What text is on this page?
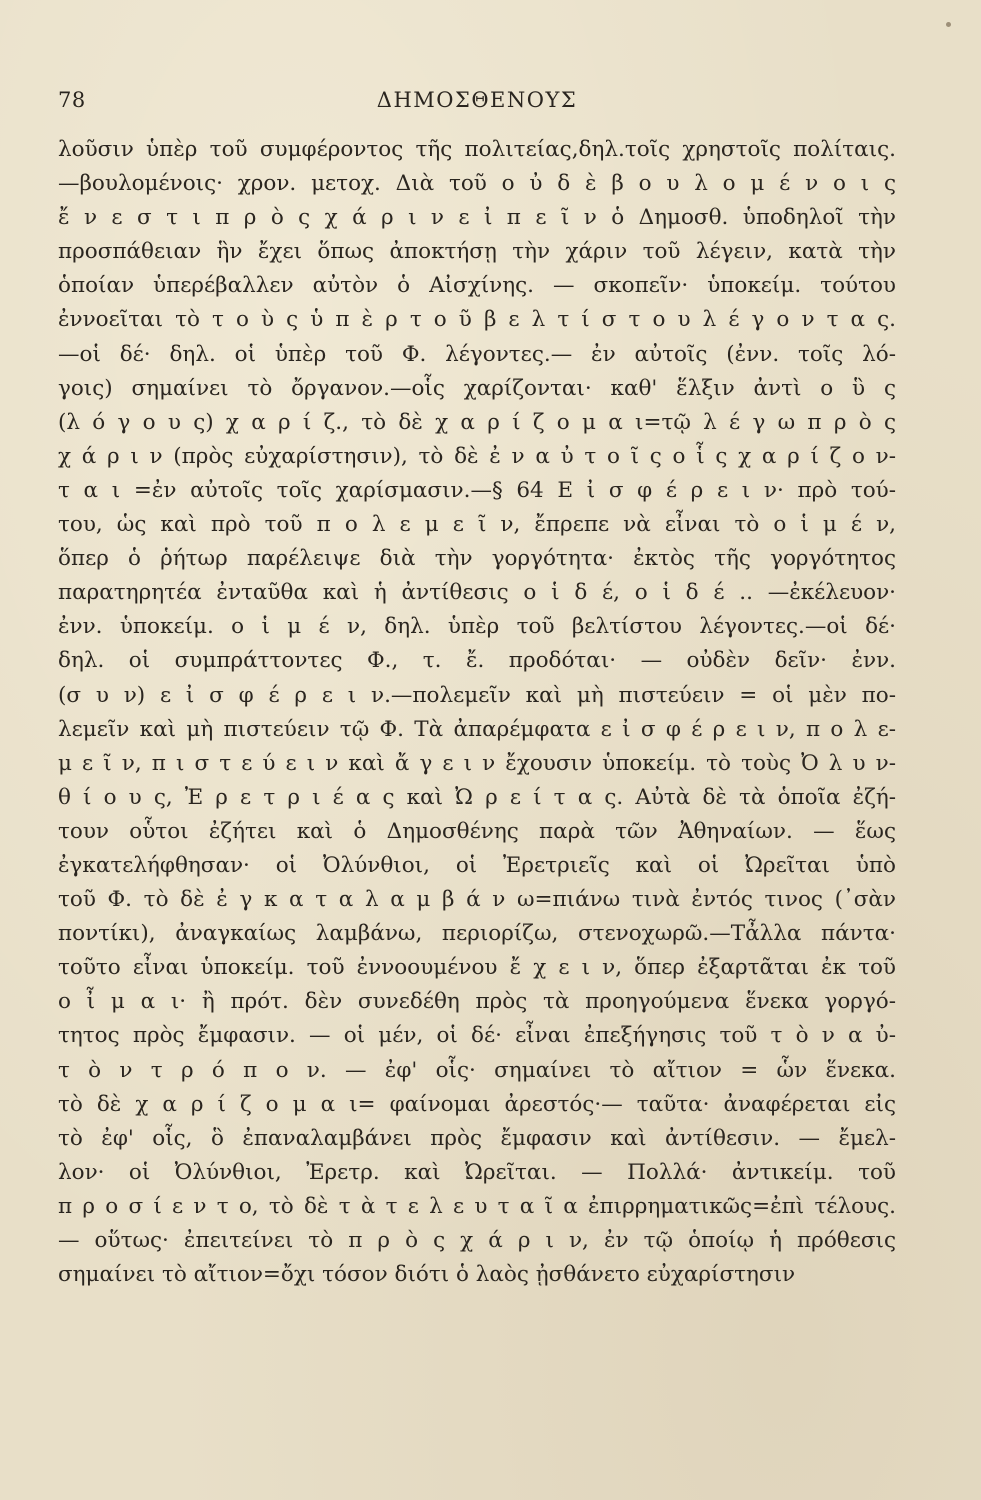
78	ΔΗΜΟΣΘΕΝΟΥΣ
λοῦσιν ὑπὲρ τοῦ συμφέροντος τῆς πολιτείας,δηλ.τοῖς χρηστοῖς πολίταις.
—βουλομένοις· χρον. μετοχ. Διὰ τοῦ ο ὐ δ ὲ β ο υ λ ο μ έ ν ο ι ς
ἔ ν ε σ τ ι π ρ ὸ ς χ ά ρ ι ν ε ἰ π ε ῖ ν ὁ Δημοσθ. ὑποδηλοῖ τὴν
προσπάθειαν ἣν ἔχει ὅπως ἀποκτήσῃ τὴν χάριν τοῦ λέγειν, κατὰ τὴν
ὁποίαν ὑπερέβαλλεν αὐτὸν ὁ Αἰσχίνης. — σκοπεῖν· ὑποκείμ. τούτου
ἐννοεῖται τὸ τ ο ὺ ς ὑ π ὲ ρ τ ο ῦ β ε λ τ ί σ τ ο υ λ έ γ ο ν τ α ς.
—οἱ δέ· δηλ. οἱ ὑπὲρ τοῦ Φ. λέγοντες.— ἐν αὐτοῖς (ἐνν. τοῖς λό-
γοις) σημαίνει τὸ ὄργανον.—οἷς χαρίζονται· καθ' ἕλξιν ἀντὶ ο ὓ ς
(λ ό γ ο υ ς) χ α ρ ί ζ., τὸ δὲ χ α ρ ί ζ ο μ α ι=τῷ λ έ γ ω π ρ ὸ ς
χ ά ρ ι ν (πρὸς εὐχαρίστησιν), τὸ δὲ ἐ ν α ὐ τ ο ῖ ς ο ἷ ς χ α ρ ί ζ ο ν-
τ α ι =ἐν αὐτοῖς τοῖς χαρίσμασιν.—§ 64 Ε ἰ σ φ έ ρ ε ι ν· πρὸ τού-
του, ὡς καὶ πρὸ τοῦ π ο λ ε μ ε ῖ ν, ἔπρεπε νὰ εἶναι τὸ ο ἱ μ έ ν,
ὅπερ ὁ ῥήτωρ παρέλειψε διὰ τὴν γοργότητα· ἐκτὸς τῆς γοργότητος
παρατηρητέα ἐνταῦθα καὶ ἡ ἀντίθεσις ο ἱ δ έ, ο ἱ δ έ .. —ἐκέλευον·
ἐνν. ὑποκείμ. ο ἱ μ έ ν, δηλ. ὑπὲρ τοῦ βελτίστου λέγοντες.—οἱ δέ·
δηλ. οἱ συμπράττοντες Φ., τ. ἔ. προδόται· — οὐδὲν δεῖν· ἐνν.
(σ υ ν) ε ἰ σ φ έ ρ ε ι ν.—πολεμεῖν καὶ μὴ πιστεύειν = οἱ μὲν πο-
λεμεῖν καὶ μὴ πιστεύειν τῷ Φ. Τὰ ἀπαρέμφατα ε ἰ σ φ έ ρ ε ι ν, π ο λ ε-
μ ε ῖ ν, π ι σ τ ε ύ ε ι ν καὶ ἄ γ ε ι ν ἔχουσιν ὑποκείμ. τὸ τοὺς Ὀ λ υ ν-
θ ί ο υ ς, Ἐ ρ ε τ ρ ι έ α ς καὶ Ὠ ρ ε ί τ α ς. Αὐτὰ δὲ τὰ ὁποῖα ἐζή-
τουν οὗτοι ἐζήτει καὶ ὁ Δημοσθένης παρὰ τῶν Ἀθηναίων. — ἕως
ἐγκατελήφθησαν· οἱ Ὀλύνθιοι, οἱ Ἐρετριεῖς καὶ οἱ Ὠρεῖται ὑπὸ
τοῦ Φ. τὸ δὲ ἐ γ κ α τ α λ α μ β ά ν ω=πιάνω τινὰ ἐντός τινος (᾽σὰν
ποντίκι), ἀναγκαίως λαμβάνω, περιορίζω, στενοχωρῶ.—Τἆλλα πάντα·
τοῦτο εἶναι ὑποκείμ. τοῦ ἐννοουμένου ἔ χ ε ι ν, ὅπερ ἐξαρτᾶται ἐκ τοῦ
ο ἶ μ α ι· ἢ πρότ. δὲν συνεδέθη πρὸς τὰ προηγούμενα ἕνεκα γοργό-
τητος πρὸς ἔμφασιν. — οἱ μέν, οἱ δέ· εἶναι ἐπεξήγησις τοῦ τ ὸ ν α ὐ-
τ ὸ ν τ ρ ό π ο ν. — ἐφ' οἷς· σημαίνει τὸ αἴτιον = ὧν ἕνεκα.
τὸ δὲ χ α ρ ί ζ ο μ α ι= φαίνομαι ἀρεστός·— ταῦτα· ἀναφέρεται εἰς
τὸ ἐφ' οἷς, ὃ ἐπαναλαμβάνει πρὸς ἔμφασιν καὶ ἀντίθεσιν. — ἔμελ-
λον· οἱ Ὀλύνθιοι, Ἐρετρ. καὶ Ὠρεῖται. — Πολλά· ἀντικείμ. τοῦ
π ρ ο σ ί ε ν τ ο, τὸ δὲ τ ὰ τ ε λ ε υ τ α ῖ α ἐπιρρηματικῶς=ἐπὶ τέλους.
— οὕτως· ἐπειτείνει τὸ π ρ ὸ ς χ ά ρ ι ν, ἐν τῷ ὁποίῳ ἡ πρόθεσις
σημαίνει τὸ αἴτιον=ὄχι τόσον διότι ὁ λαὸς ᾐσθάνετο εὐχαρίστησιν
